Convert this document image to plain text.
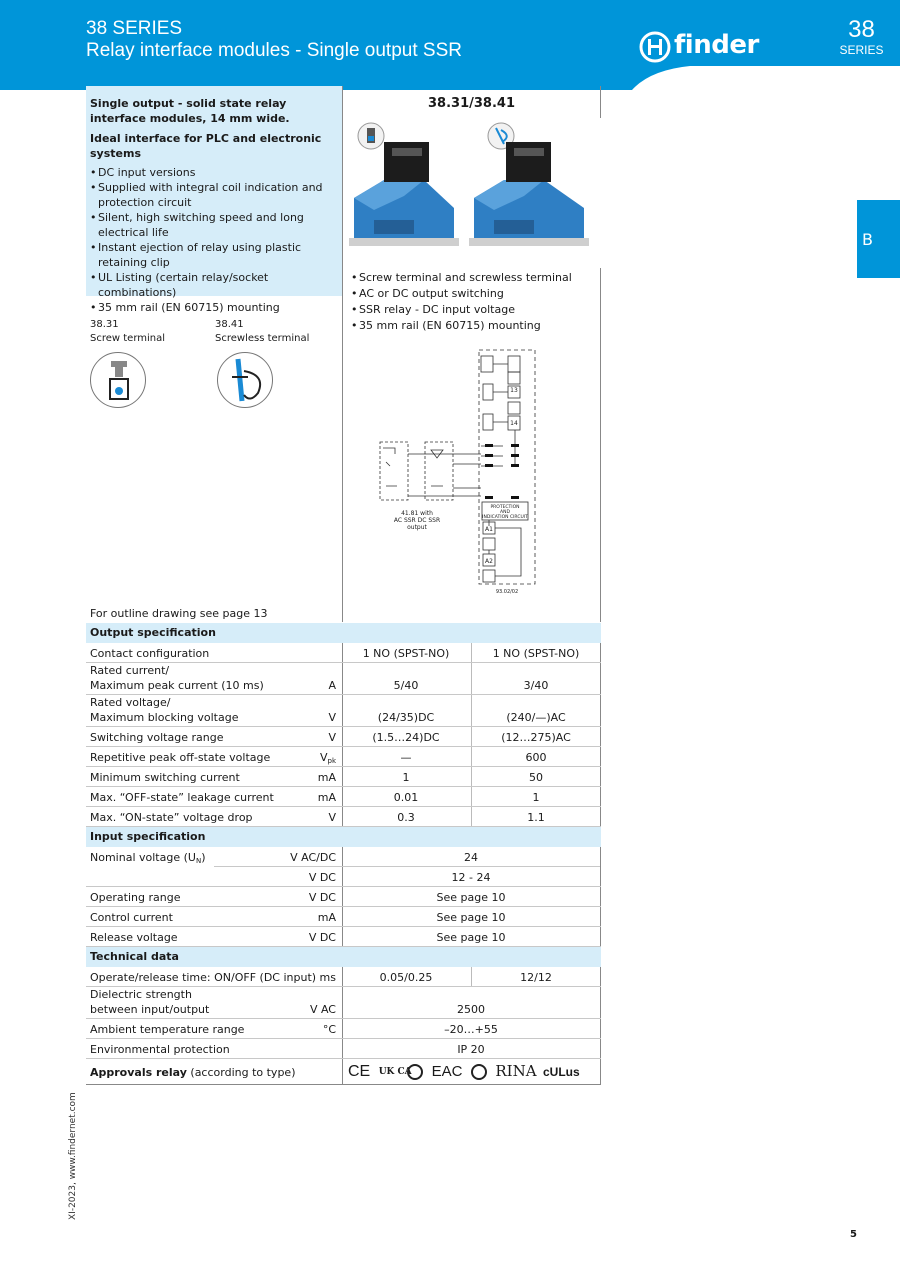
38 SERIES
Relay interface modules - Single output SSR	finder
38
SERIES
B
Single output - solid state relay interface modules, 14 mm wide.
Ideal interface for PLC and electronic systems
• DC input versions
• Supplied with integral coil indication and protection circuit
• Silent, high switching speed and long electrical life
• Instant ejection of relay using plastic retaining clip
• UL Listing (certain relay/socket combinations)
• 35 mm rail (EN 60715) mounting
38.31/38.41
• Screw terminal and screwless terminal
• AC or DC output switching
• SSR relay - DC input voltage
• 35 mm rail (EN 60715) mounting
38.31
Screw terminal
38.41
Screwless terminal
13
14
41.81 with
AC SSR DC SSR
output
PROTECTION
AND
INDICATION CIRCUIT
A1
A2
93.02/02
For outline drawing see page 13
Output specification
Contact configuration	1 NO (SPST-NO)	1 NO (SPST-NO)
Rated current/
Maximum peak current (10 ms)	A	5/40	3/40
Rated voltage/
Maximum blocking voltage	V	(24/35)DC	(240/—)AC
Switching voltage range	V	(1.5…24)DC	(12…275)AC
Repetitive peak off-state voltage	$V_{pk}$	—	600
Minimum switching current	mA	1	50
Max. “OFF-state” leakage current	mA	0.01	1
Max. “ON-state” voltage drop	V	0.3	1.1
Input specification
Nominal voltage $(U_N)$	V AC/DC	24
V DC	12 - 24
Operating range	V DC	See page 10
Control current	mA	See page 10
Release voltage	V DC	See page 10
Technical data
Operate/release time: ON/OFF (DC input) ms	0.05/0.25	12/12
Dielectric strength
between input/output	V AC	2500
Ambient temperature range	°C	–20…+55
Environmental protection	IP 20
Approvals relay (according to type)	CE UK CA EAC RINA cULus
XI-2023, www.findernet.com
5
